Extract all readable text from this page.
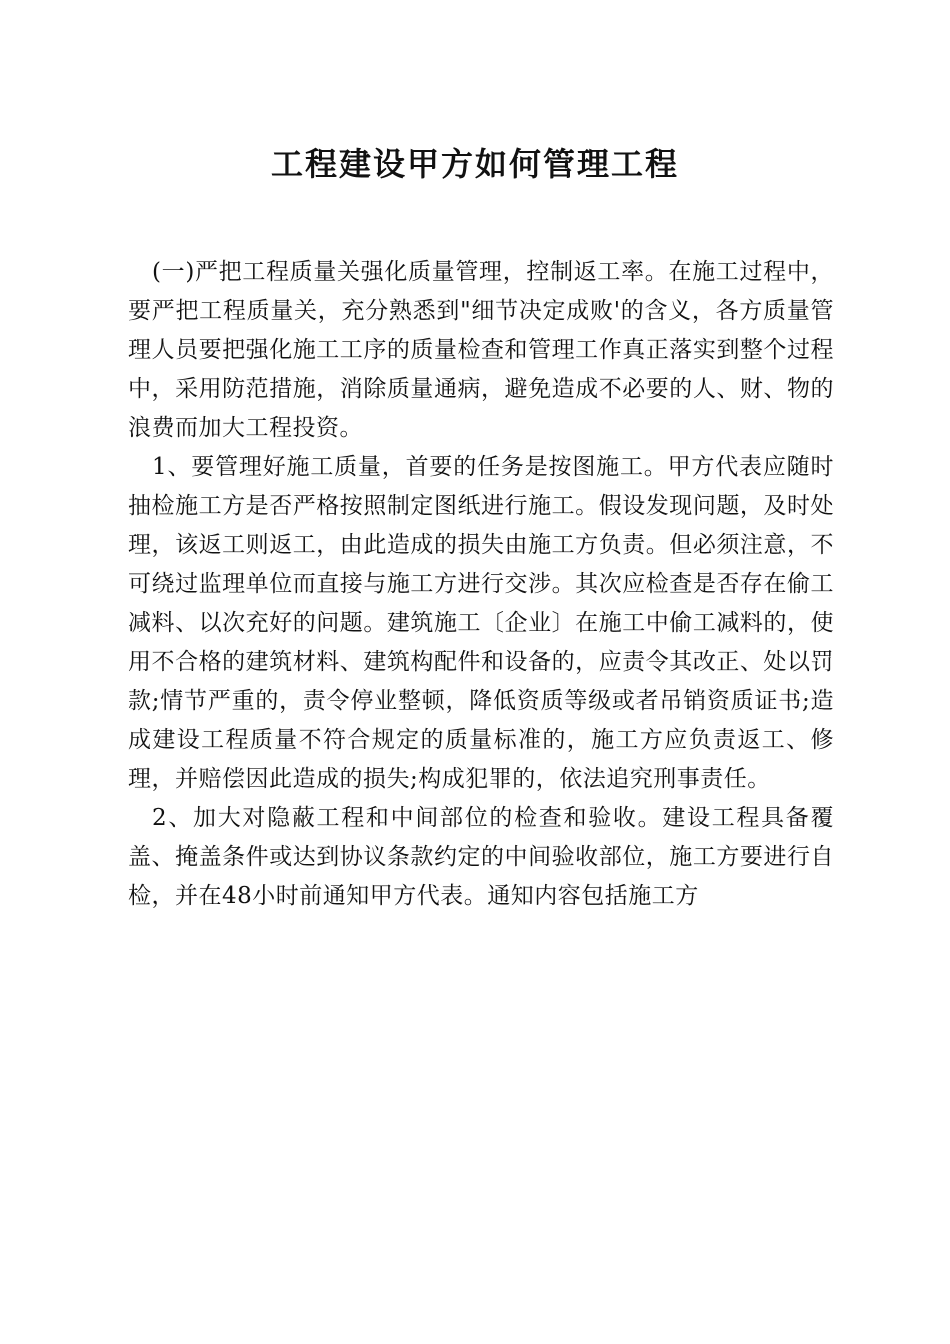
工程建设甲方如何管理工程

(一)严把工程质量关强化质量管理，控制返工率。在施工过程中，要严把工程质量关，充分熟悉到"细节决定成败'的含义，各方质量管理人员要把强化施工工序的质量检查和管理工作真正落实到整个过程中，采用防范措施，消除质量通病，避免造成不必要的人、财、物的浪费而加大工程投资。

1、要管理好施工质量，首要的任务是按图施工。甲方代表应随时抽检施工方是否严格按照制定图纸进行施工。假设发现问题，及时处理，该返工则返工，由此造成的损失由施工方负责。但必须注意，不可绕过监理单位而直接与施工方进行交涉。其次应检查是否存在偷工减料、以次充好的问题。建筑施工〔企业〕在施工中偷工减料的，使用不合格的建筑材料、建筑构配件和设备的，应责令其改正、处以罚款;情节严重的，责令停业整顿，降低资质等级或者吊销资质证书;造成建设工程质量不符合规定的质量标准的，施工方应负责返工、修理，并赔偿因此造成的损失;构成犯罪的，依法追究刑事责任。

2、加大对隐蔽工程和中间部位的检查和验收。建设工程具备覆盖、掩盖条件或达到协议条款约定的中间验收部位，施工方要进行自检，并在48小时前通知甲方代表。通知内容包括施工方
